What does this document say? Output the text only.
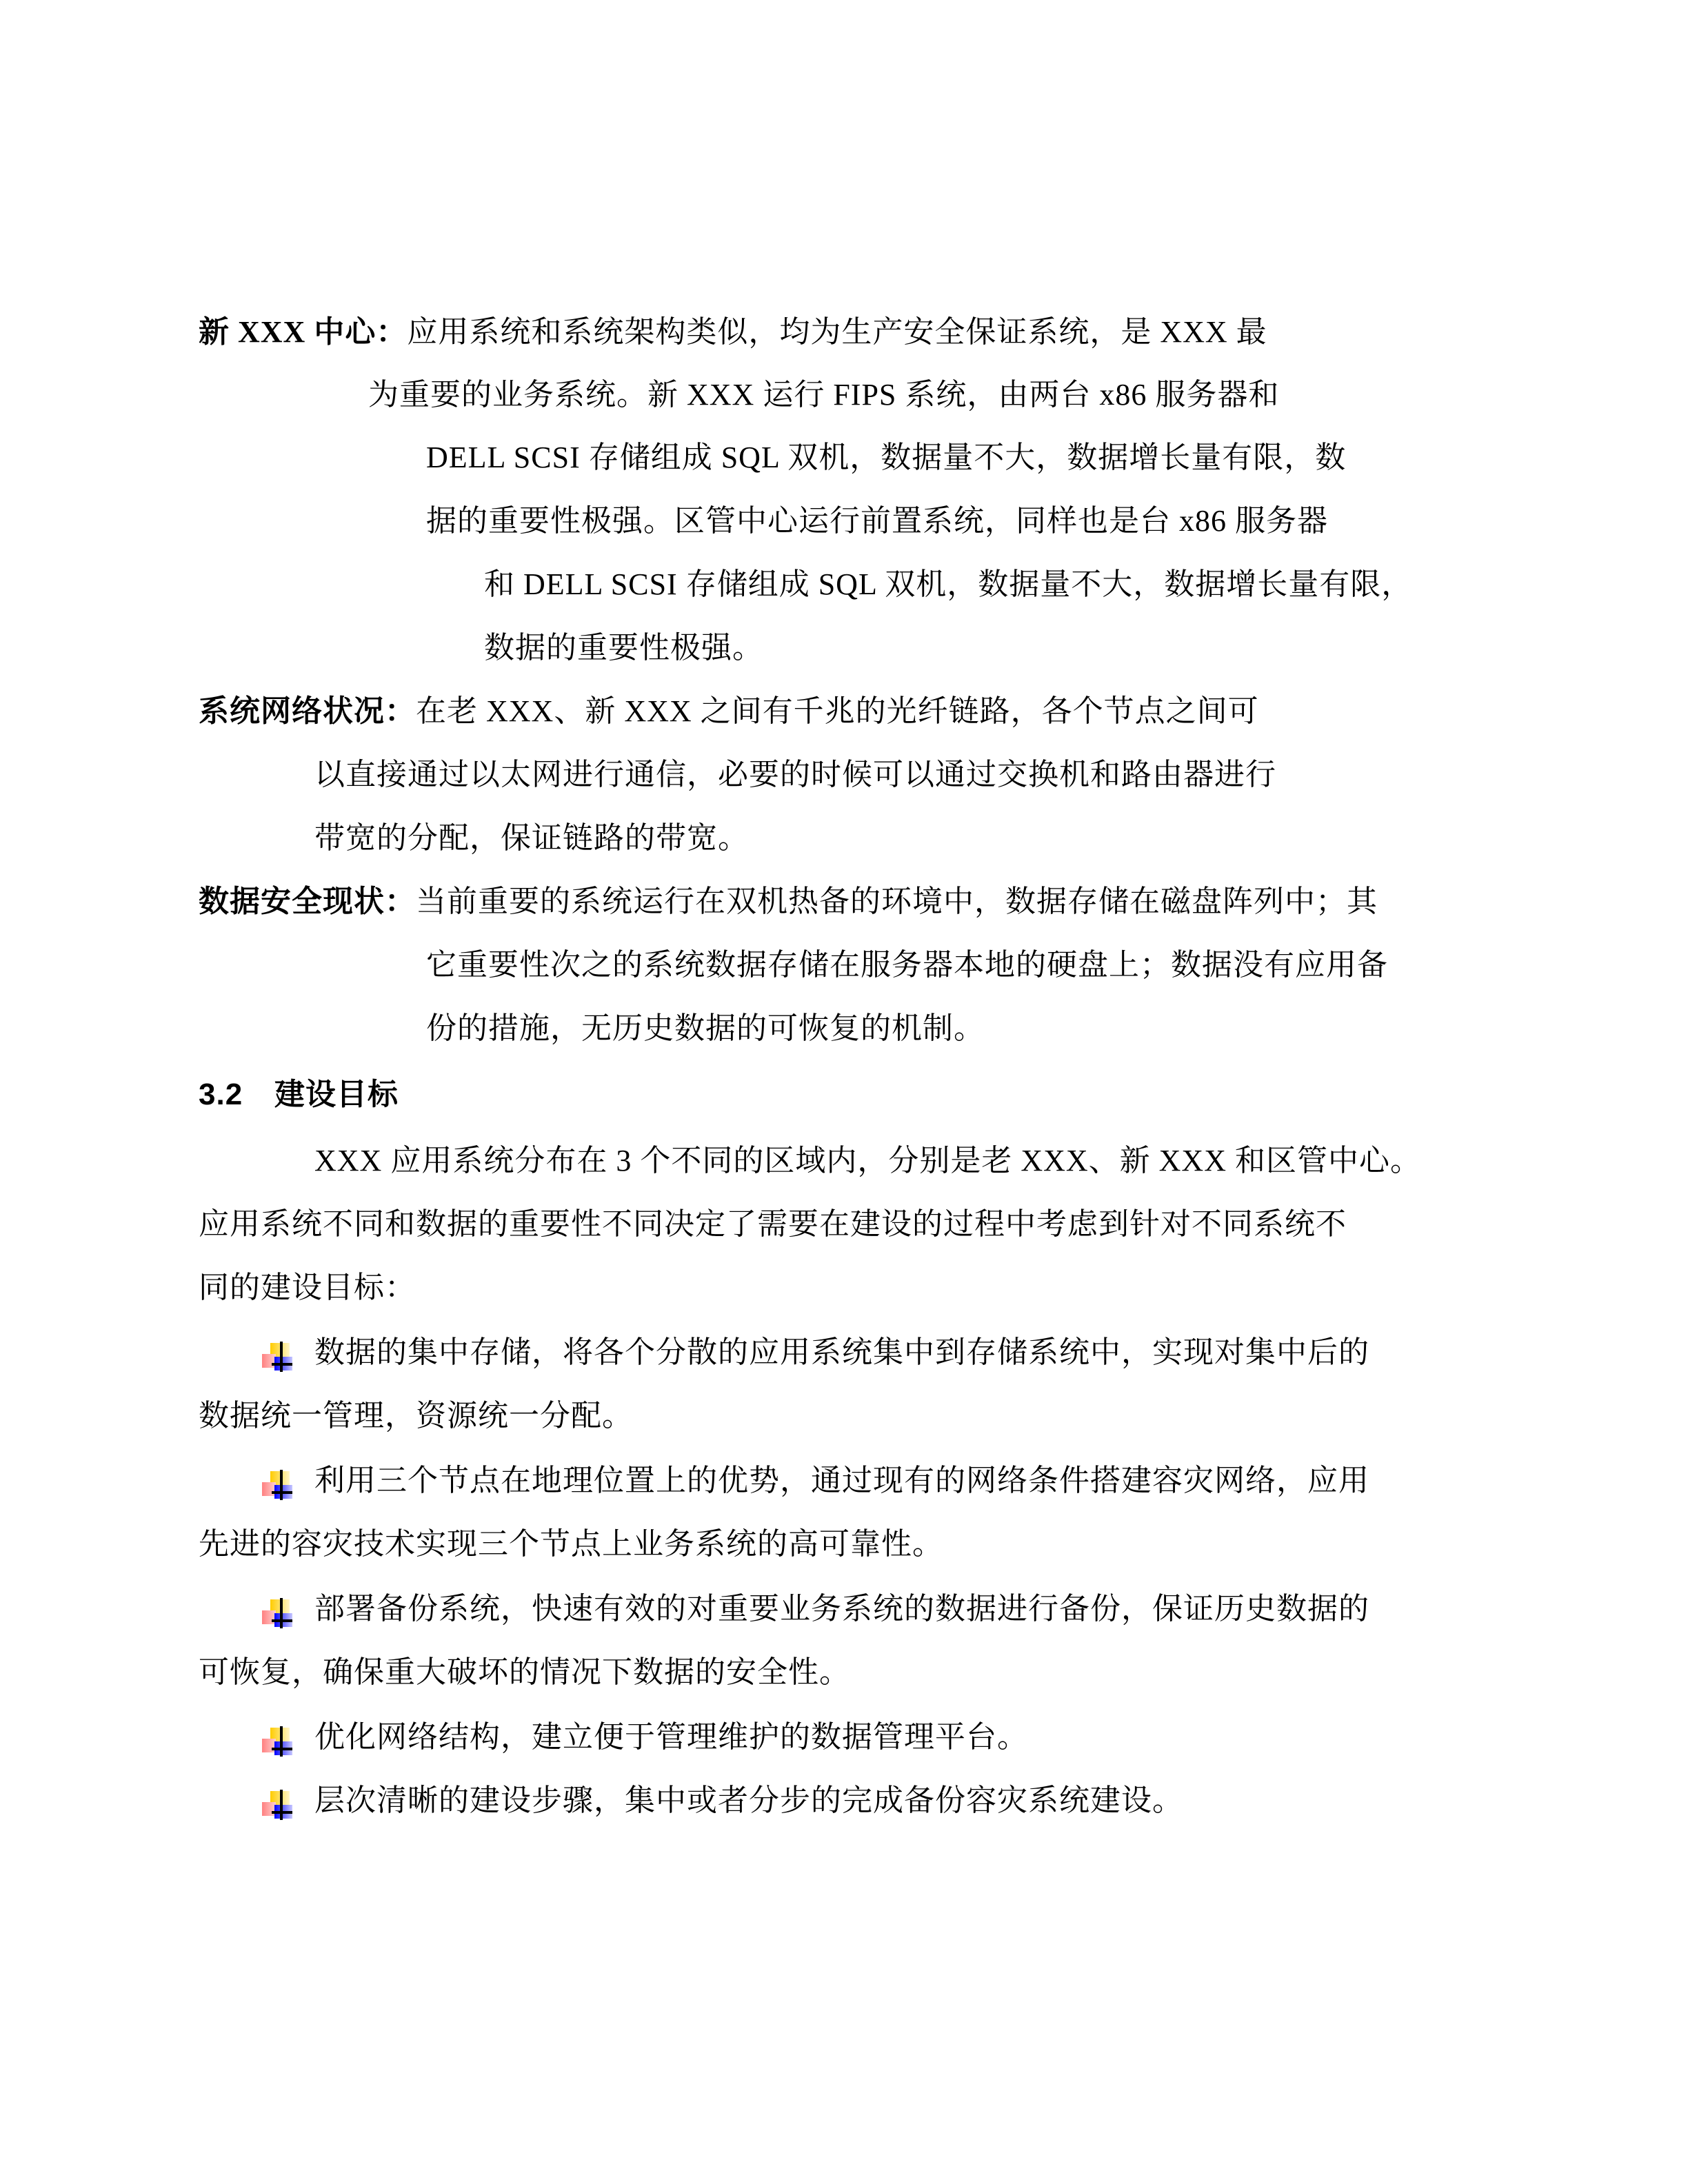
新 XXX 中心：应用系统和系统架构类似，均为生产安全保证系统，是 XXX 最
为重要的业务系统。新 XXX 运行 FIPS 系统，由两台 x86 服务器和
DELL SCSI 存储组成 SQL 双机，数据量不大，数据增长量有限，数
据的重要性极强。区管中心运行前置系统，同样也是台 x86 服务器
和 DELL SCSI 存储组成 SQL 双机，数据量不大，数据增长量有限，
数据的重要性极强。
系统网络状况：在老 XXX、新 XXX 之间有千兆的光纤链路，各个节点之间可
以直接通过以太网进行通信，必要的时候可以通过交换机和路由器进行
带宽的分配，保证链路的带宽。
数据安全现状：当前重要的系统运行在双机热备的环境中，数据存储在磁盘阵列中；其
它重要性次之的系统数据存储在服务器本地的硬盘上；数据没有应用备
份的措施，无历史数据的可恢复的机制。
3.2 建设目标
XXX 应用系统分布在 3 个不同的区域内，分别是老 XXX、新 XXX 和区管中心。
应用系统不同和数据的重要性不同决定了需要在建设的过程中考虑到针对不同系统不
同的建设目标：
数据的集中存储，将各个分散的应用系统集中到存储系统中，实现对集中后的
数据统一管理，资源统一分配。
利用三个节点在地理位置上的优势，通过现有的网络条件搭建容灾网络，应用
先进的容灾技术实现三个节点上业务系统的高可靠性。
部署备份系统，快速有效的对重要业务系统的数据进行备份，保证历史数据的
可恢复，确保重大破坏的情况下数据的安全性。
优化网络结构，建立便于管理维护的数据管理平台。
层次清晰的建设步骤，集中或者分步的完成备份容灾系统建设。
